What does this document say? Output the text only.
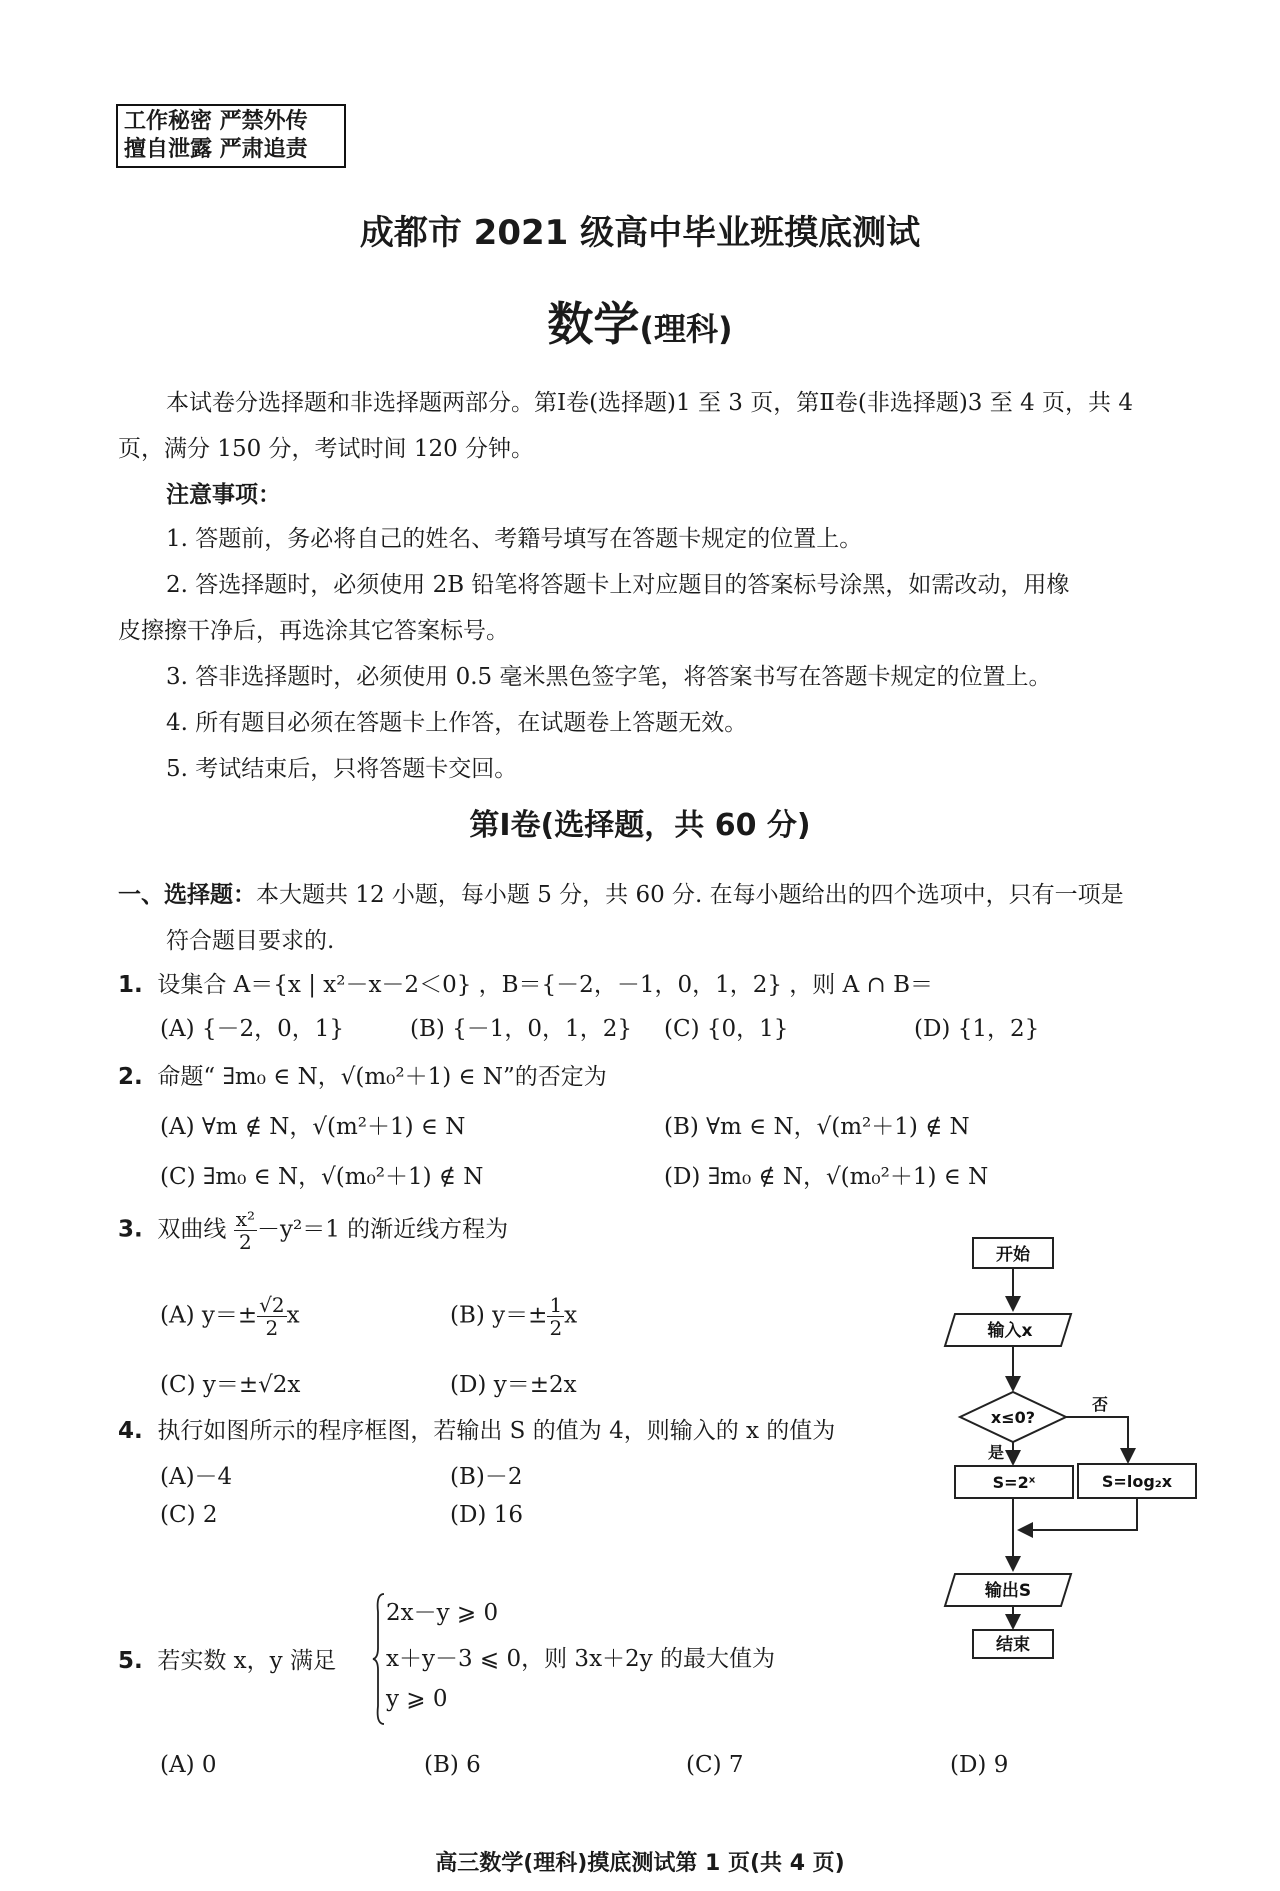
工作秘密 严禁外传
擅自泄露 严肃追责
成都市 2021 级高中毕业班摸底测试
数学(理科)
本试卷分选择题和非选择题两部分。第Ⅰ卷(选择题)1 至 3 页，第Ⅱ卷(非选择题)3 至 4 页，共 4 页，满分 150 分，考试时间 120 分钟。
注意事项：
1. 答题前，务必将自己的姓名、考籍号填写在答题卡规定的位置上。
2. 答选择题时，必须使用 2B 铅笔将答题卡上对应题目的答案标号涂黑，如需改动，用橡
皮擦擦干净后，再选涂其它答案标号。
3. 答非选择题时，必须使用 0.5 毫米黑色签字笔，将答案书写在答题卡规定的位置上。
4. 所有题目必须在答题卡上作答，在试题卷上答题无效。
5. 考试结束后，只将答题卡交回。
第Ⅰ卷(选择题，共 60 分)
一、选择题：本大题共 12 小题，每小题 5 分，共 60 分. 在每小题给出的四个选项中，只有一项是
符合题目要求的.
1. 设集合 A＝{x | x²－x－2＜0} ，B＝{－2，－1，0，1，2} ，则 A ∩ B＝
(A) {－2，0，1}	(B) {－1，0，1，2} (C) {0，1}	(D) {1，2}
2. 命题“ ∃m₀ ∈ N，√(m₀²＋1) ∈ N”的否定为
(A) ∀m ∉ N，√(m²＋1) ∈ N	(B) ∀m ∈ N，√(m²＋1) ∉ N
(C) ∃m₀ ∈ N，√(m₀²＋1) ∉ N	(D) ∃m₀ ∉ N，√(m₀²＋1) ∈ N
3. 双曲线 $\frac{\text{x²}}{2} -y^2=1$ 的渐近线方程为
(A) $y=\pm \frac{√2}{2}$ x	(B) $y=\pm \frac{1}{2}$ x
(C) y＝±√2x	(D) y＝±2x
4. 执行如图所示的程序框图，若输出 S 的值为 4，则输入的 x 的值为
(A)－4	(B)－2
(C) 2	(D) 16
5. 若实数 x，y 满足
2x－y ⩾ 0
x＋y－3 ⩽ 0，则 3x＋2y 的最大值为
y ⩾ 0
(A) 0	(B) 6	(C) 7	(D) 9
开始
输入x
x≤0?
是
否
S=2ˣ	S=log₂x
输出S
结束
高三数学(理科)摸底测试第 1 页(共 4 页)
